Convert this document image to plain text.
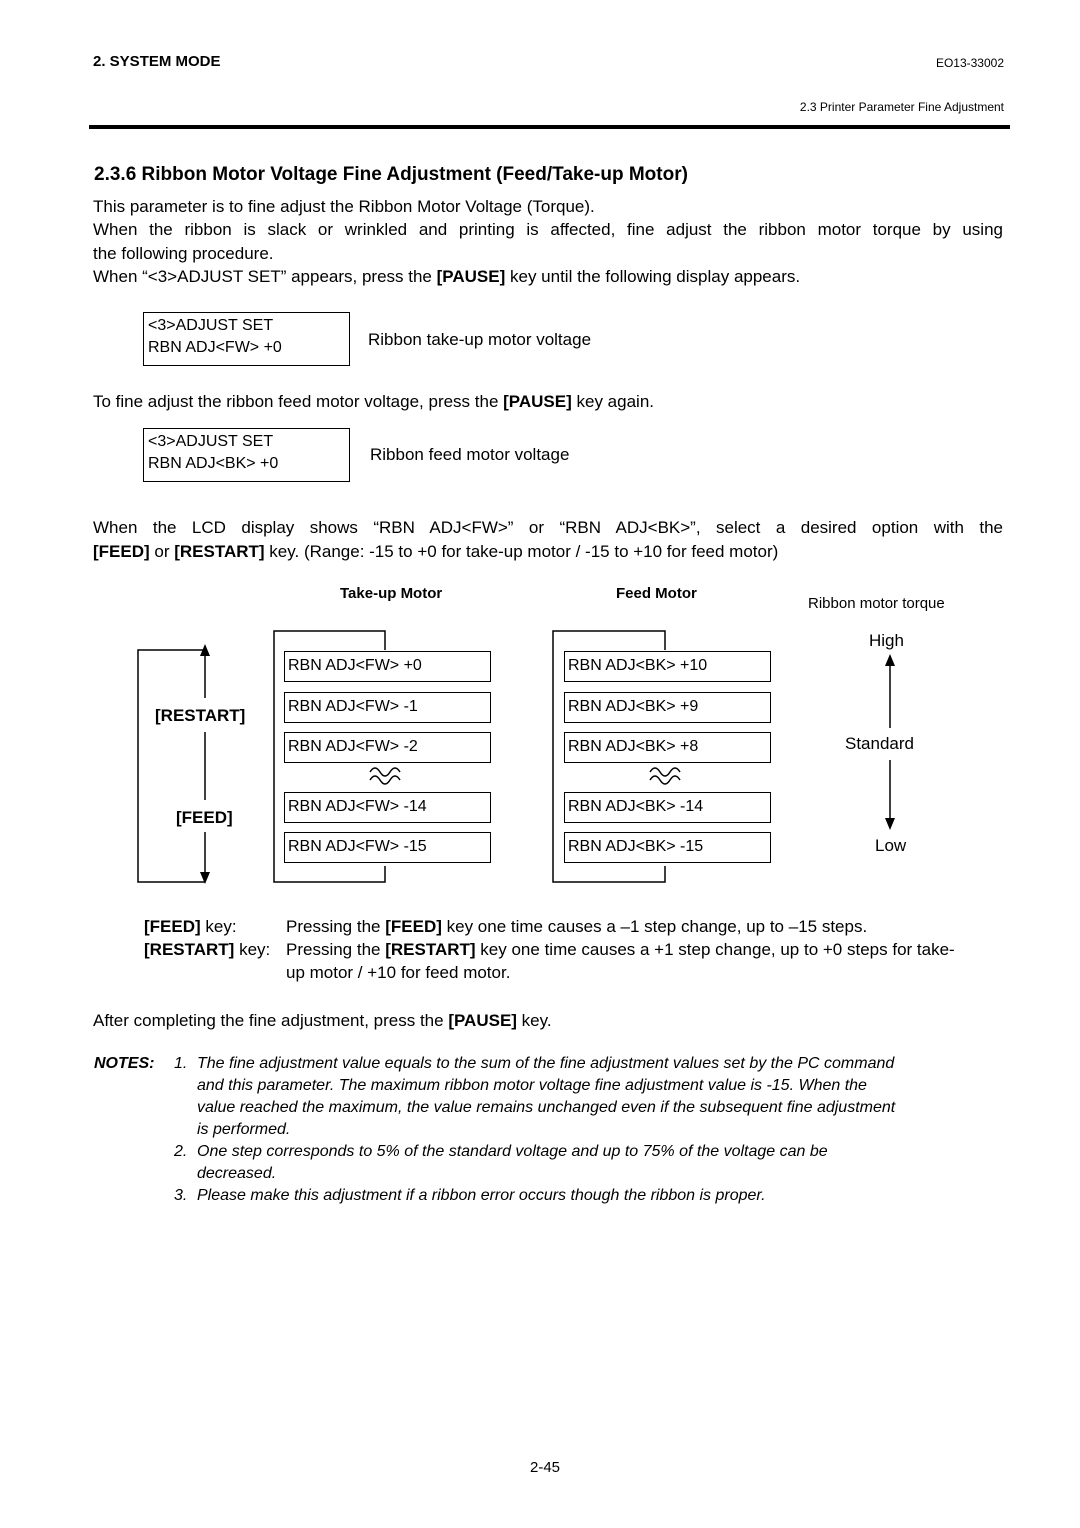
2. SYSTEM MODE	EO13-33002
2.3 Printer Parameter Fine Adjustment
2.3.6 Ribbon Motor Voltage Fine Adjustment (Feed/Take-up Motor)
This parameter is to fine adjust the Ribbon Motor Voltage (Torque).
When the ribbon is slack or wrinkled and printing is affected, fine adjust the ribbon motor torque by using
the following procedure.
When “<3>ADJUST SET” appears, press the [PAUSE] key until the following display appears.
<3>ADJUST SET
RBN ADJ<FW> +0	Ribbon take-up motor voltage
To fine adjust the ribbon feed motor voltage, press the [PAUSE] key again.
<3>ADJUST SET
RBN ADJ<BK> +0	Ribbon feed motor voltage
When the LCD display shows “RBN ADJ<FW>” or “RBN ADJ<BK>”, select a desired option with the
[FEED] or [RESTART] key. (Range: -15 to +0 for take-up motor / -15 to +10 for feed motor)
Take-up Motor	Feed Motor
Ribbon motor torque
[RESTART]
[FEED]
RBN ADJ<FW> +0
RBN ADJ<FW> -1
RBN ADJ<FW> -2
RBN ADJ<FW> -14
RBN ADJ<FW> -15
RBN ADJ<BK> +10
RBN ADJ<BK> +9
RBN ADJ<BK> +8
RBN ADJ<BK> -14
RBN ADJ<BK> -15
High
Standard
Low
[FEED] key:	Pressing the [FEED] key one time causes a –1 step change, up to –15 steps.
[RESTART] key: Pressing the [RESTART] key one time causes a +1 step change, up to +0 steps for take-
up motor / +10 for feed motor.
After completing the fine adjustment, press the [PAUSE] key.
NOTES: 1. The fine adjustment value equals to the sum of the fine adjustment values set by the PC command
and this parameter. The maximum ribbon motor voltage fine adjustment value is -15. When the
value reached the maximum, the value remains unchanged even if the subsequent fine adjustment
is performed.
2. One step corresponds to 5% of the standard voltage and up to 75% of the voltage can be
decreased.
3. Please make this adjustment if a ribbon error occurs though the ribbon is proper.
2-45
